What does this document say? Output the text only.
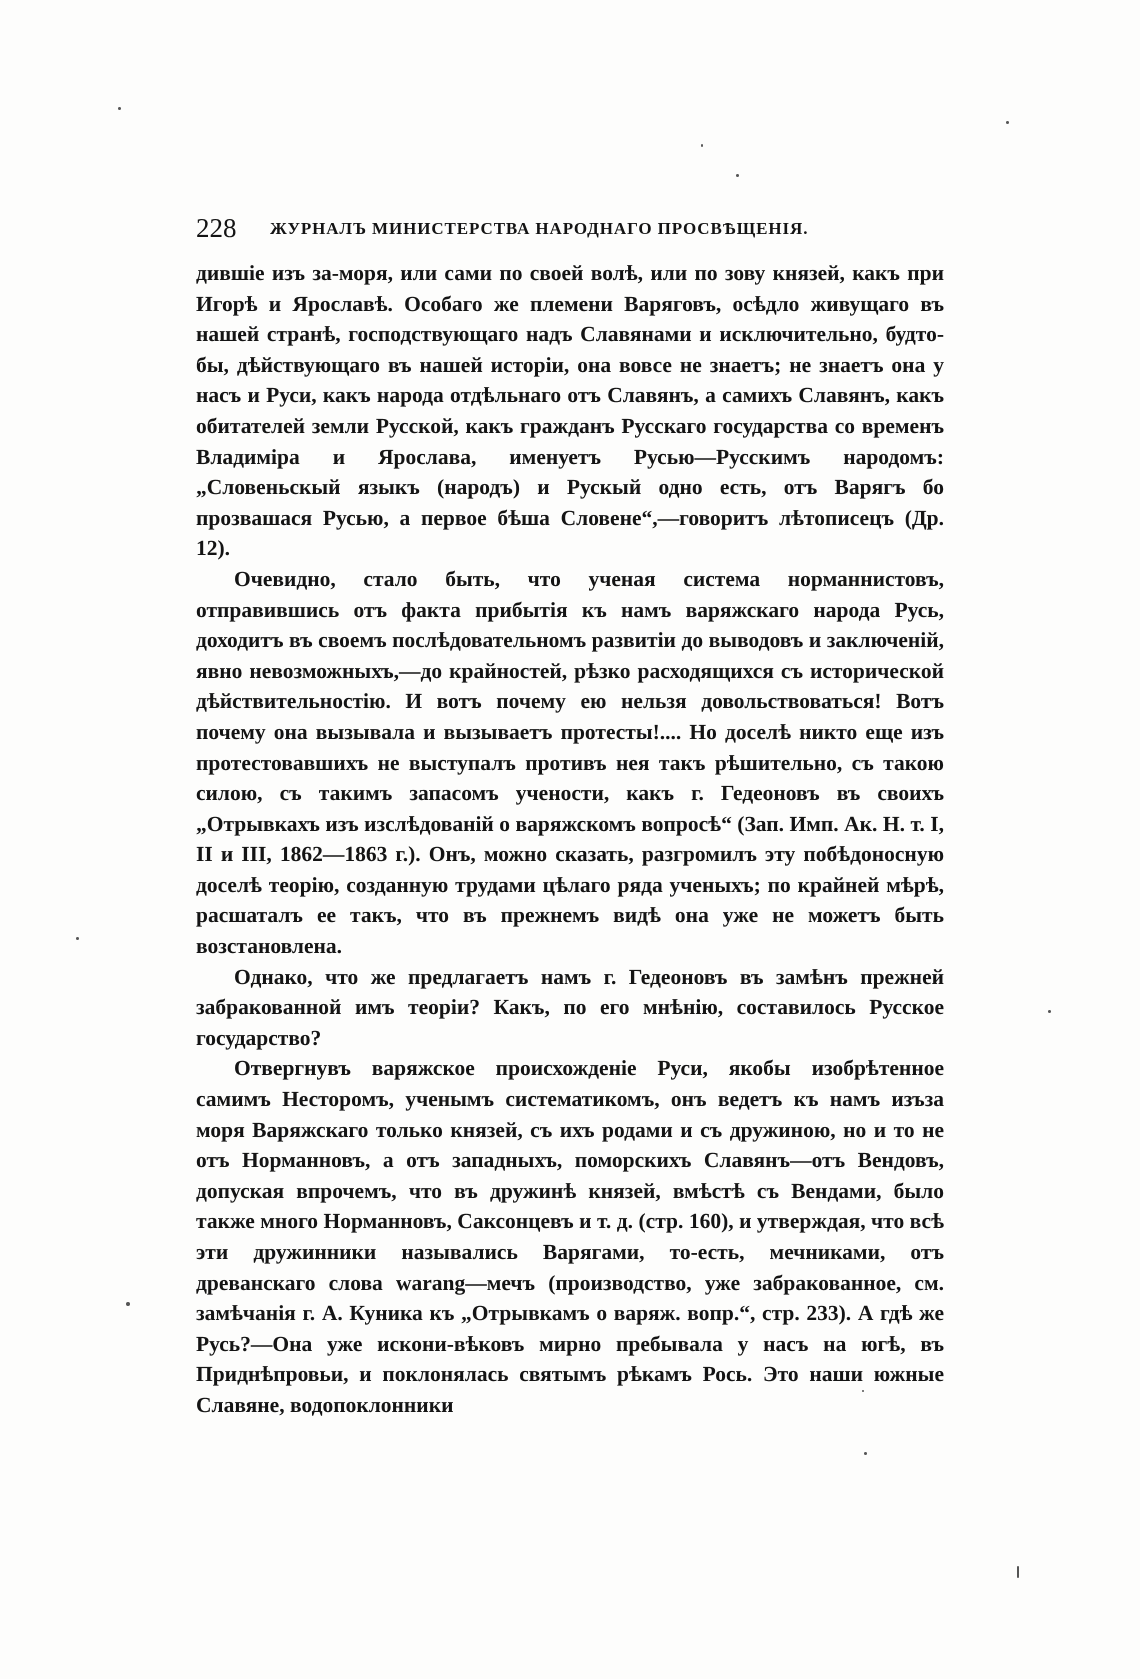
228 ЖУРНАЛЪ МИНИСТЕРСТВА НАРОДНАГО ПРОСВѢЩЕНІЯ.

дившіе изъ за-моря, или сами по своей волѣ, или по зову князей, какъ при Игорѣ и Ярославѣ. Особаго же племени Варяговъ, осѣдло живущаго въ нашей странѣ, господствующаго надъ Славянами и исключительно, будто-бы, дѣйствующаго въ нашей исторіи, она вовсе не знаетъ; не знаетъ она у насъ и Руси, какъ народа отдѣльнаго отъ Славянъ, а самихъ Славянъ, какъ обитателей земли Русской, какъ гражданъ Русскаго государства со временъ Владиміра и Ярослава, именуетъ Русью—Русскимъ народомъ: „Словеньскый языкъ (народъ) и Рускый одно есть, отъ Варягъ бо прозвашася Русью, а первое бѣша Словене“,—говоритъ лѣтописецъ (Др. 12).

Очевидно, стало быть, что ученая система норманнистовъ, отправившись отъ факта прибытія къ намъ варяжскаго народа Русь, доходитъ въ своемъ послѣдовательномъ развитіи до выводовъ и заключеній, явно невозможныхъ,—до крайностей, рѣзко расходящихся съ исторической дѣйствительностію. И вотъ почему ею нельзя довольствоваться! Вотъ почему она вызывала и вызываетъ протесты!.... Но доселѣ никто еще изъ протестовавшихъ не выступалъ противъ нея такъ рѣшительно, съ такою силою, съ такимъ запасомъ учености, какъ г. Гедеоновъ въ своихъ „Отрывкахъ изъ изслѣдованій о варяжскомъ вопросѣ“ (Зап. Имп. Ак. Н. т. I, II и III, 1862—1863 г.). Онъ, можно сказать, разгромилъ эту побѣдоносную доселѣ теорію, созданную трудами цѣлаго ряда ученыхъ; по крайней мѣрѣ, расшаталъ ее такъ, что въ прежнемъ видѣ она уже не можетъ быть возстановлена.

Однако, что же предлагаетъ намъ г. Гедеоновъ въ замѣнъ прежней забракованной имъ теоріи? Какъ, по его мнѣнію, составилось Русское государство?

Отвергнувъ варяжское происхожденіе Руси, якобы изобрѣтенное самимъ Несторомъ, ученымъ систематикомъ, онъ ведетъ къ намъ изъза моря Варяжскаго только князей, съ ихъ родами и съ дружиною, но и то не отъ Норманновъ, а отъ западныхъ, поморскихъ Славянъ—отъ Вендовъ, допуская впрочемъ, что въ дружинѣ князей, вмѣстѣ съ Вендами, было также много Норманновъ, Саксонцевъ и т. д. (стр. 160), и утверждая, что всѣ эти дружинники назывались Варягами, то-есть, мечниками, отъ древанскаго слова warang—мечъ (производство, уже забракованное, см. замѣчанія г. А. Куника къ „Отрывкамъ о варяж. вопр.“, стр. 233). А гдѣ же Русь?—Она уже искони-вѣковъ мирно пребывала у насъ на югѣ, въ Приднѣпровьи, и поклонялась святымъ рѣкамъ Рось. Это наши южные Славяне, водопоклонники
